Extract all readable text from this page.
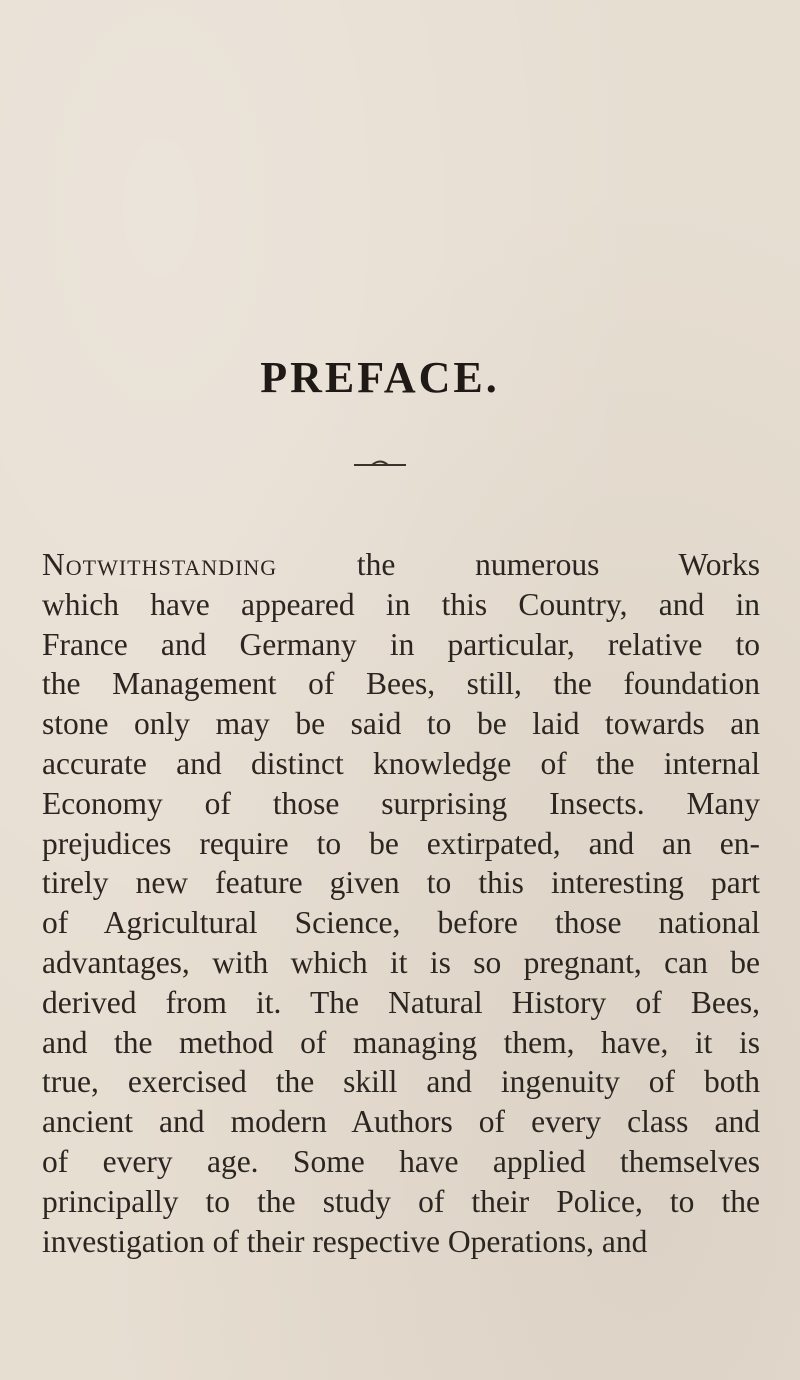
PREFACE.
Notwithstanding the numerous Works
which have appeared in this Country, and in
France and Germany in particular, relative to
the Management of Bees, still, the foundation
stone only may be said to be laid towards an
accurate and distinct knowledge of the internal
Economy of those surprising Insects. Many
prejudices require to be extirpated, and an en-
tirely new feature given to this interesting part
of Agricultural Science, before those national
advantages, with which it is so pregnant, can be
derived from it. The Natural History of Bees,
and the method of managing them, have, it is
true, exercised the skill and ingenuity of both
ancient and modern Authors of every class and
of every age. Some have applied themselves
principally to the study of their Police, to the
investigation of their respective Operations, and
